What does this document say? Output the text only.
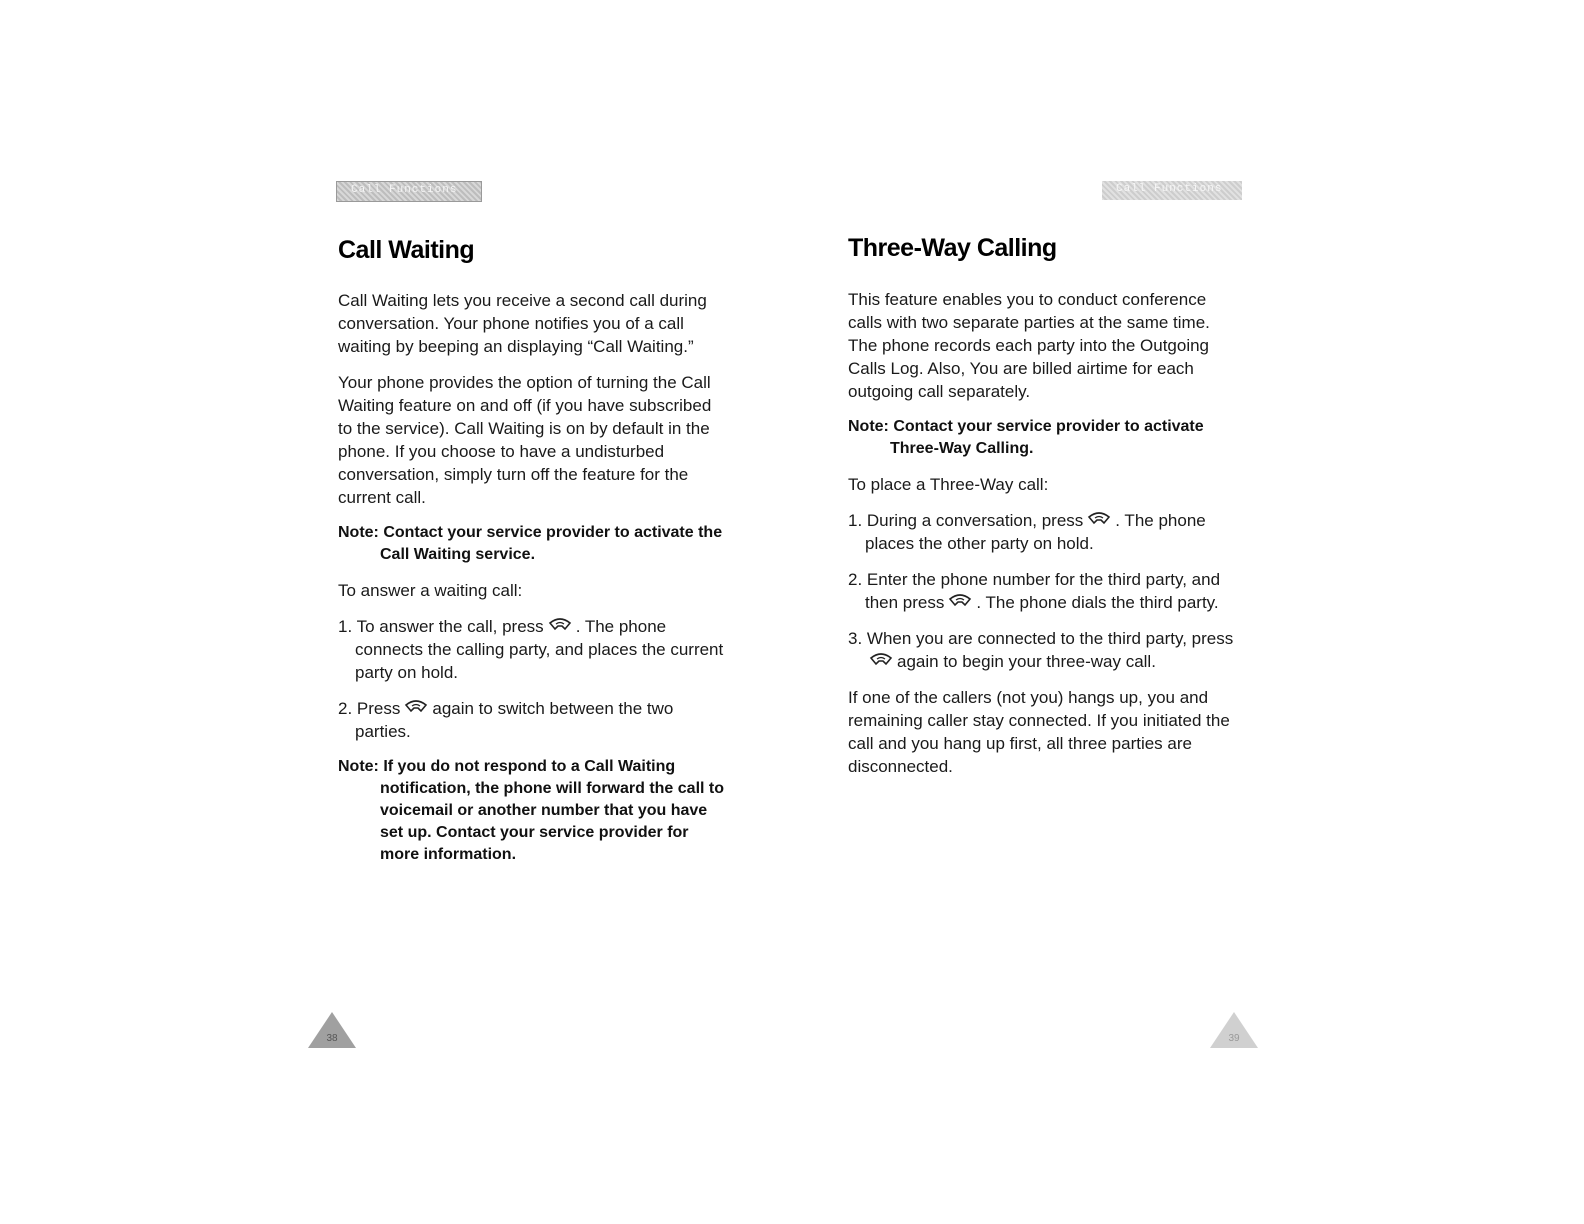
Call Functions
Call Waiting

Call Waiting lets you receive a second call during conversation. Your phone notifies you of a call waiting by beeping an displaying “Call Waiting.”

Your phone provides the option of turning the Call Waiting feature on and off (if you have subscribed to the service). Call Waiting is on by default in the phone. If you choose to have a undisturbed conversation, simply turn off the feature for the current call.

Note: Contact your service provider to activate the Call Waiting service.

To answer a waiting call:

1. To answer the call, press . The phone connects the calling party, and places the current party on hold.
2. Press again to switch between the two parties.

Note: If you do not respond to a Call Waiting notification, the phone will forward the call to voicemail or another number that you have set up. Contact your service provider for more information.

38
Call Functions
Three-Way Calling

This feature enables you to conduct conference calls with two separate parties at the same time. The phone records each party into the Outgoing Calls Log. Also, You are billed airtime for each outgoing call separately.

Note: Contact your service provider to activate Three-Way Calling.

To place a Three-Way call:

1. During a conversation, press . The phone places the other party on hold.
2. Enter the phone number for the third party, and then press . The phone dials the third party.
3. When you are connected to the third party, pressagain to begin your three-way call.

If one of the callers (not you) hangs up, you and remaining caller stay connected. If you initiated the call and you hang up first, all three parties are disconnected.

39
